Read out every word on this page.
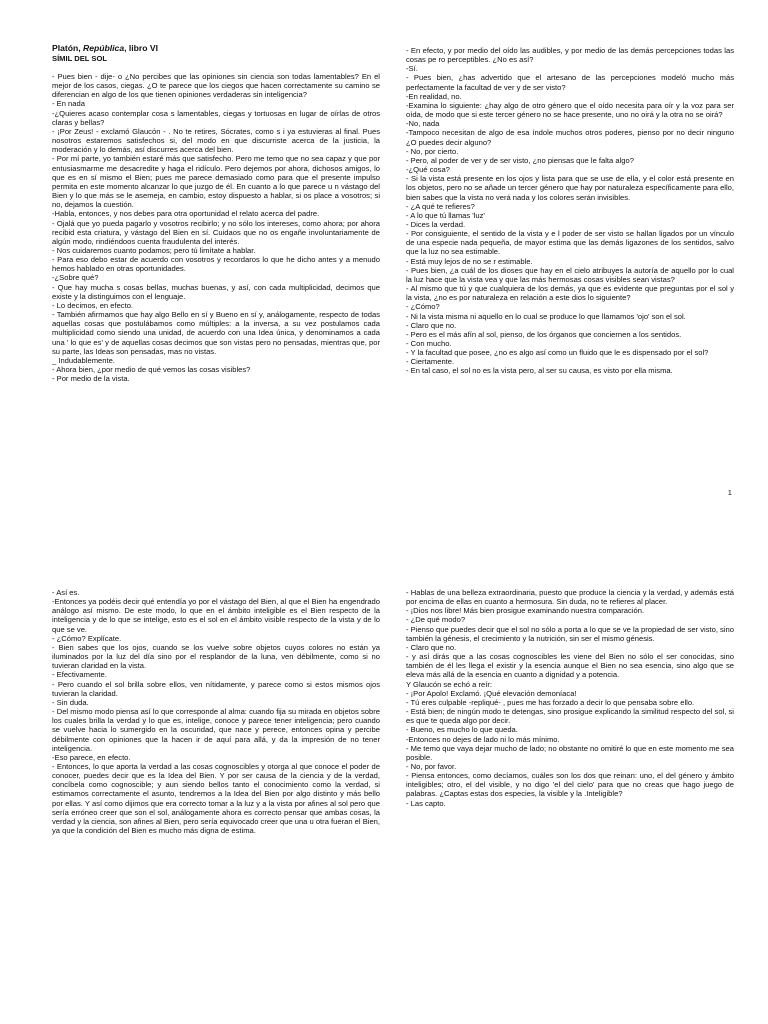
Platón, República, libro VI

SÍMIL DEL SOL

- Pues bien - dije- o ¿No percibes que las opiniones sin ciencia son todas lamentables? En el mejor de los casos, ciegas. ¿O te parece que los ciegos que hacen correctamente su camino se diferencian en algo de los que tienen opiniones verdaderas sin inteligencia?

- En nada

-¿Quieres acaso contemplar cosa s lamentables, ciegas y tortuosas en lugar de oírlas de otros claras y bellas?

- ¡Por Zeus! - exclamó Glaucón - . No te retires, Sócrates, como s i ya estuvieras al final. Pues nosotros estaremos satisfechos si, del modo en que discurriste acerca de la justicia, la moderación y lo demás, así discurres acerca del bien.

- Por mí parte, yo también estaré más que satisfecho. Pero me temo que no sea capaz y que por entusiasmarme me desacredite y haga el ridículo. Pero dejemos por ahora, dichosos amigos, lo que es en sí mismo el Bien; pues me parece demasiado como para que el presente impulso permita en este momento alcanzar lo que juzgo de él. En cuanto a lo que parece u n vástago del Bien y lo que más se le asemeja, en cambio, estoy dispuesto a hablar, si os place a vosotros; si no, dejamos la cuestión.

-Habla, entonces, y nos debes para otra oportunidad el relato acerca del padre.

- Ojalá que yo pueda pagarlo y vosotros recibirlo; y no sólo los intereses, como ahora; por ahora recibid esta criatura, y vástago del Bien en sí. Cuidaos que no os engañe involuntariamente de algún modo, rindiéndoos cuenta fraudulenta del interés.

- Nos cuidaremos cuanto podamos; pero tú limítate a hablar.

- Para eso debo estar de acuerdo con vosotros y recordaros lo que he dicho antes y a menudo hemos hablado en otras oportunidades.

-¿Sobre qué?

- Que hay mucha s cosas bellas, muchas buenas, y así, con cada multiplicidad, decimos que existe y la distinguimos con el lenguaje.

- Lo decimos, en efecto.

- También afirmamos que hay algo Bello en sí y Bueno en sí y, análogamente, respecto de todas aquellas cosas que postulábamos como múltiples: a la inversa, a su vez postulamos cada multiplicidad como siendo una unidad, de acuerdo con una Idea única, y denominamos a cada una ' lo que es' y de aquellas cosas decimos que son vistas pero no pensadas, mientras que, por su parte, las Ideas son pensadas, mas no vistas.

_ Indudablemente.

- Ahora bien, ¿por medio de qué vemos las cosas visibles?

- Por medio de la vista.

- En efecto, y por medio del oído las audibles, y por medio de las demás percepciones todas las cosas pe ro perceptibles. ¿No es así?

-Sí.

- Pues bien, ¿has advertido que el artesano de las percepciones modeló mucho más perfectamente la facultad de ver y de ser visto?

-En realidad, no.

-Examina lo siguiente: ¿hay algo de otro género que el oído necesita para oír y la voz para ser oída, de modo que si este tercer género no se hace presente, uno no oirá y la otra no se oirá?

-No, nada

-Tampoco necesitan de algo de esa índole muchos otros poderes, pienso por no decir ninguno ¿O puedes decir alguno?

- No, por cierto.

- Pero, al poder de ver y de ser visto, ¿no piensas que le falta algo?

-¿Qué cosa?

- Si la vista está presente en los ojos y lista para que se use de ella, y el color está presente en los objetos, pero no se añade un tercer género que hay por naturaleza específicamente para ello, bien sabes que la vista no verá nada y los colores serán invisibles.

- ¿A qué te refieres?

- A lo que tú llamas 'luz'

- Dices la verdad.

- Por consiguiente, el sentido de la vista y e l poder de ser visto se hallan ligados por un vínculo de una especie nada pequeña, de mayor estima que las demás ligazones de los sentidos, salvo que la luz no sea estimable.

- Está muy lejos de no se r estimable.

- Pues bien, ¿a cuál de los dioses que hay en el cielo atribuyes la autoría de aquello por lo cual la luz hace que la vista vea y que las más hermosas cosas visibles sean vistas?

- Al mismo que tú y que cualquiera de los demás, ya que es evidente que preguntas por el sol y la vista, ¿no es por naturaleza en relación a este dios lo siguiente?

- ¿Cómo?

- Ni la vista misma ni aquello en lo cual se produce lo que llamamos 'ojo' son el sol.

- Claro que no.

- Pero es el más afín al sol, pienso, de los órganos que conciernen a los sentidos.

- Con mucho.

- Y la facultad que posee, ¿no es algo así como un fluido que le es dispensado por el sol?

- Ciertamente.

- En tal caso, el sol no es la vista pero, al ser su causa, es visto por ella misma.

1

- Así es.

-Entonces ya podéis decir qué entendía yo por el vástago del Bien, al que el Bien ha engendrado análogo así mismo. De este modo, lo que en el ámbito inteligible es el Bien respecto de la inteligencia y de lo que se intelige, esto es el sol en el ámbito visible respecto de la vista y de lo que se ve.

- ¿Cómo? Explícate.

- Bien sabes que los ojos, cuando se los vuelve sobre objetos cuyos colores no están ya iluminados por la luz del día sino por el resplandor de la luna, ven débilmente, como si no tuvieran claridad en la vista.

- Efectivamente.

- Pero cuando el sol brilla sobre ellos, ven nítidamente, y parece como si estos mismos ojos tuvieran la claridad.

- Sin duda.

- Del mismo modo piensa así lo que corresponde al alma: cuando fija su mirada en objetos sobre los cuales brilla la verdad y lo que es, intelige, conoce y parece tener inteligencia; pero cuando se vuelve hacia lo sumergido en la oscuridad, que nace y perece, entonces opina y percibe débilmente con opiniones que la hacen ir de aquí para allá, y da la impresión de no tener inteligencia.

-Eso parece, en efecto.

- Entonces, lo que aporta la verdad a las cosas cognoscibles y otorga al que conoce el poder de conocer, puedes decir que es la Idea del Bien. Y por ser causa de la ciencia y de la verdad, concíbela como cognoscible; y aun siendo bellos tanto el conocimiento como la verdad, si estimamos correctamente el asunto, tendremos a la Idea del Bien por algo distinto y más bello por ellas. Y así como dijimos que era correcto tomar a la luz y a la vista por afines al sol pero que sería erróneo creer que son el sol, análogamente ahora es correcto pensar que ambas cosas, la verdad y la ciencia, son afines al Bien, pero sería equivocado creer que una u otra fueran el Bien, ya que la condición del Bien es mucho más digna de estima.

- Hablas de una belleza extraordinaria, puesto que produce la ciencia y la verdad, y además está por encima de ellas en cuanto a hermosura. Sin duda, no te refieres al placer.

- ¡Dios nos libre! Más bien prosigue examinando nuestra comparación.

- ¿De qué modo?

- Pienso que puedes decir que el sol no sólo a porta a lo que se ve la propiedad de ser visto, sino también la génesis, el crecimiento y la nutrición, sin ser el mismo génesis.

- Claro que no.

- y así dirás que a las cosas cognoscibles les viene del Bien no sólo el ser conocidas, sino también de él les llega el existir y la esencia aunque el Bien no sea esencia, sino algo que se eleva más allá de la esencia en cuanto a dignidad y a potencia.

Y Glaucón se echó a reír:

- ¡Por Apolo! Exclamó. ¡Qué elevación demoníaca!

- Tú eres culpable -repliqué- , pues me has forzado a decir lo que pensaba sobre ello.

- Está bien; de ningún modo te detengas, sino prosigue explicando la similitud respecto del sol, si es que te queda algo por decir.

- Bueno, es mucho lo que queda.

-Entonces no dejes de lado ni lo más mínimo.

- Me temo que vaya dejar mucho de lado; no obstante no omitiré lo que en este momento me sea posible.

- No, por favor.

- Piensa entonces, como decíamos, cuáles son los dos que reinan: uno, el del género y ámbito inteligibles; otro, el del visible, y no digo 'el del cielo' para que no creas que hago juego de palabras. ¿Captas estas dos especies, la visible y la .Inteligible?

- Las capto.
